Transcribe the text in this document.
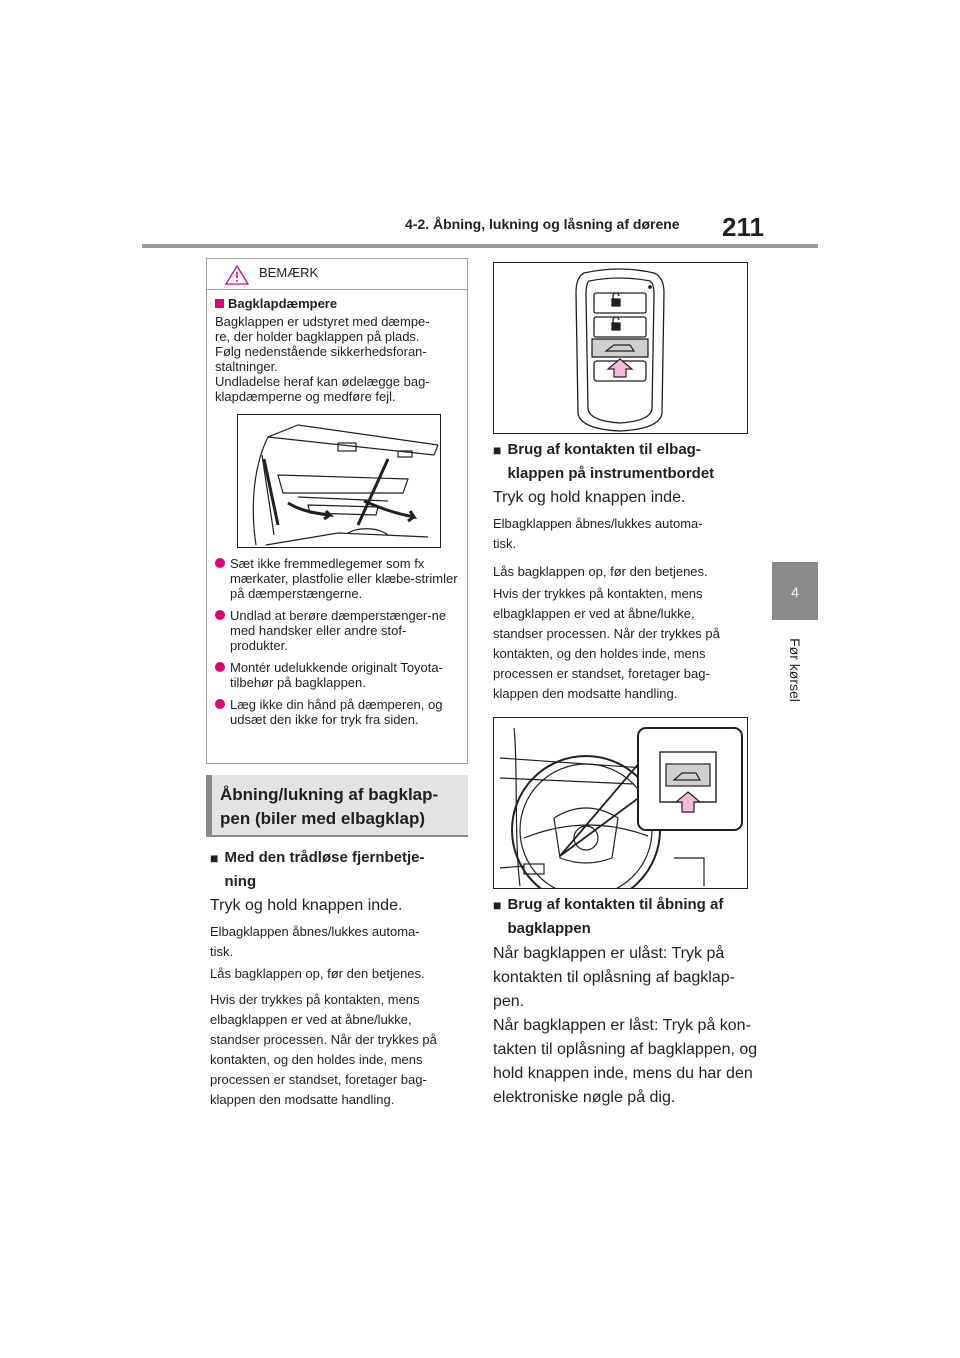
4-2. Åbning, lukning og låsning af dørene	211
4
Før kørsel
BEMÆRK
Bagklapdæmpere
Bagklappen er udstyret med dæmpe-
re, der holder bagklappen på plads.
Følg nedenstående sikkerhedsforan-
staltninger.
Undladelse heraf kan ødelægge bag-
klapdæmperne og medføre fejl.
Sæt ikke fremmedlegemer som fx mærkater, plastfolie eller klæbe-strimler på dæmperstængerne.
Undlad at berøre dæmperstænger-ne med handsker eller andre stof-produkter.
Montér udelukkende originalt Toyota-tilbehør på bagklappen.
Læg ikke din hånd på dæmperen, og udsæt den ikke for tryk fra siden.
Åbning/lukning af bagklap-
pen (biler med elbagklap)
■ Med den trådløse fjernbetje-
ning
Tryk og hold knappen inde.
Elbagklappen åbnes/lukkes automa-
tisk.
Lås bagklappen op, før den betjenes.
Hvis der trykkes på kontakten, mens
elbagklappen er ved at åbne/lukke,
standser processen. Når der trykkes på
kontakten, og den holdes inde, mens
processen er standset, foretager bag-
klappen den modsatte handling.
■ Brug af kontakten til elbag-
klappen på instrumentbordet
Tryk og hold knappen inde.
Elbagklappen åbnes/lukkes automa-
tisk.
Lås bagklappen op, før den betjenes.
Hvis der trykkes på kontakten, mens
elbagklappen er ved at åbne/lukke,
standser processen. Når der trykkes på
kontakten, og den holdes inde, mens
processen er standset, foretager bag-
klappen den modsatte handling.
■ Brug af kontakten til åbning af
bagklappen
Når bagklappen er ulåst: Tryk på
kontakten til oplåsning af bagklap-
pen.
Når bagklappen er låst: Tryk på kon-
takten til oplåsning af bagklappen, og
hold knappen inde, mens du har den
elektroniske nøgle på dig.
